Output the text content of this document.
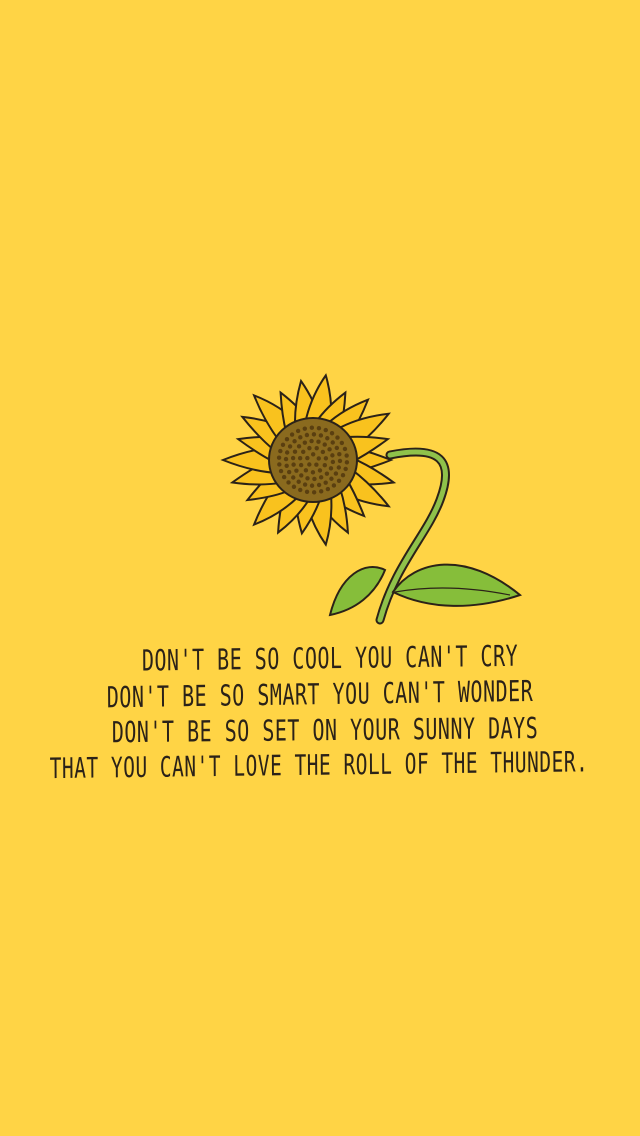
DON'T BE SO COOL YOU CAN'T CRY
DON'T BE SO SMART YOU CAN'T WONDER
DON'T BE SO SET ON YOUR SUNNY DAYS
THAT YOU CAN'T LOVE THE ROLL OF THE THUNDER.
